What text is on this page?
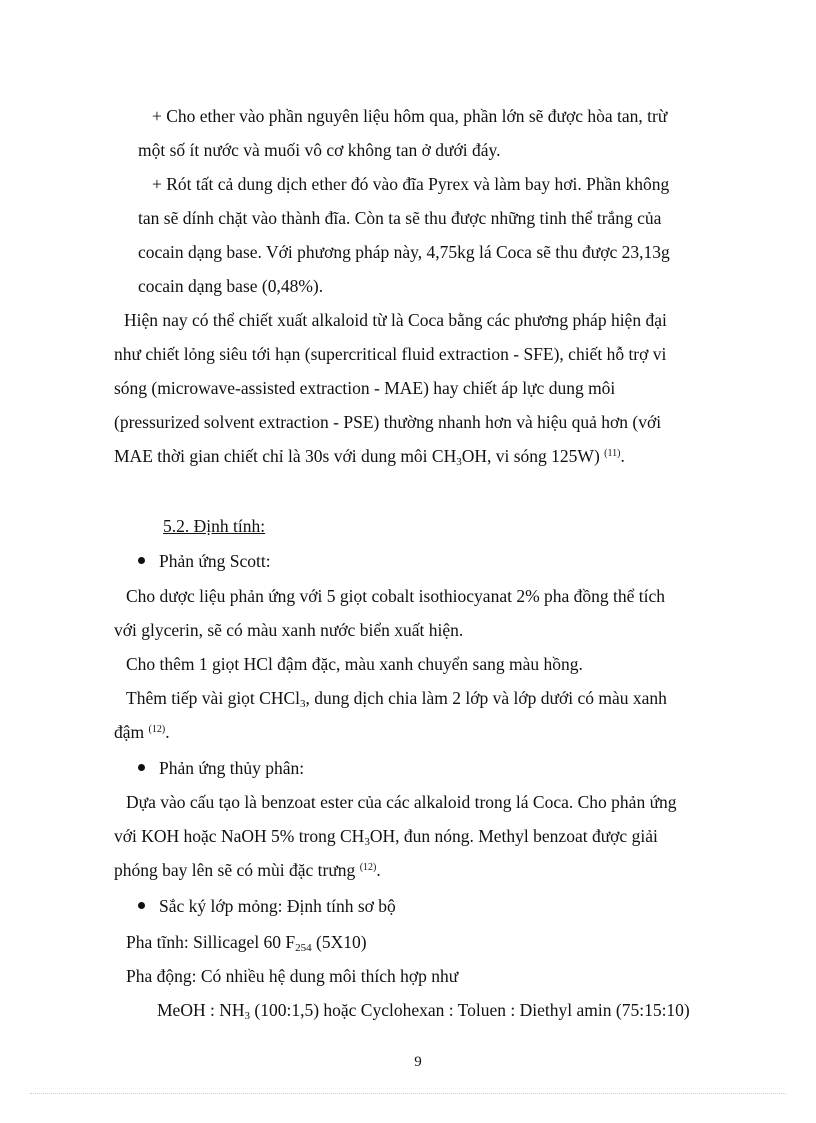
+ Cho ether vào phần nguyên liệu hôm qua, phần lớn sẽ được hòa tan, trừ
một số ít nước và muối vô cơ không tan ở dưới đáy.
+ Rót tất cả dung dịch ether đó vào đĩa Pyrex và làm bay hơi. Phần không
tan sẽ dính chặt vào thành đĩa. Còn ta sẽ thu được những tinh thể trắng của
cocain dạng base. Với phương pháp này, 4,75kg lá Coca sẽ thu được 23,13g
cocain dạng base (0,48%).
Hiện nay có thể chiết xuất alkaloid từ là Coca bằng các phương pháp hiện đại
như chiết lỏng siêu tới hạn (supercritical fluid extraction - SFE), chiết hỗ trợ vi
sóng (microwave-assisted extraction - MAE) hay chiết áp lực dung môi
(pressurized solvent extraction - PSE) thường nhanh hơn và hiệu quả hơn (với
MAE thời gian chiết chỉ là 30s với dung môi $CH_3OH$, vi sóng 125W) $^{(11)}$.
5.2. Định tính:
Phản ứng Scott:
Cho dược liệu phản ứng với 5 giọt cobalt isothiocyanat 2% pha đồng thể tích
với glycerin, sẽ có màu xanh nước biển xuất hiện.
Cho thêm 1 giọt HCl đậm đặc, màu xanh chuyển sang màu hồng.
Thêm tiếp vài giọt CHCl$_3$, dung dịch chia làm 2 lớp và lớp dưới có màu xanh
đậm $^{(12)}$.
Phản ứng thủy phân:
Dựa vào cấu tạo là benzoat ester của các alkaloid trong lá Coca. Cho phản ứng
với KOH hoặc NaOH 5% trong $CH_3OH$, đun nóng. Methyl benzoat được giải
phóng bay lên sẽ có mùi đặc trưng $^{(12)}$.
Sắc ký lớp mỏng: Định tính sơ bộ
Pha tĩnh: Sillicagel 60 $F_{254}$ (5X10)
Pha động: Có nhiều hệ dung môi thích hợp như
MeOH : $NH_3$ (100:1,5) hoặc Cyclohexan : Toluen : Diethyl amin (75:15:10)
9
